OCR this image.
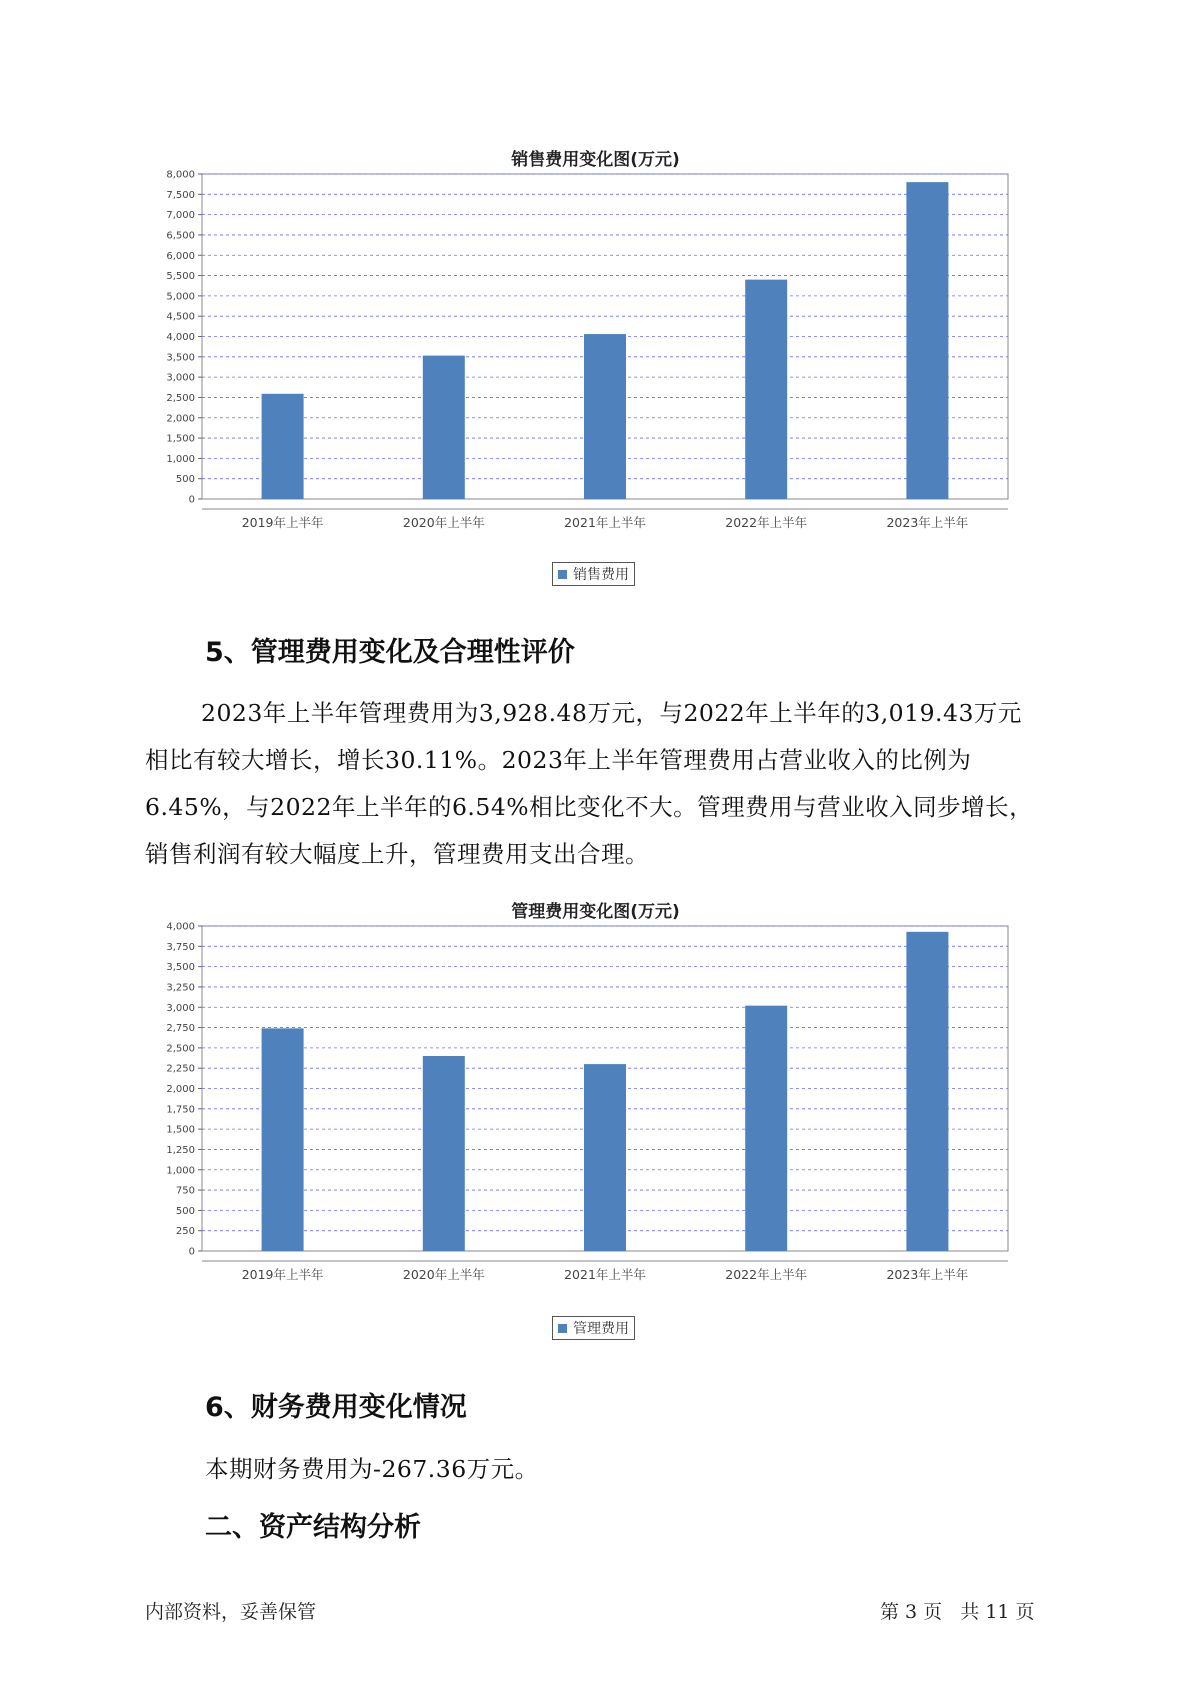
销售费用变化图(万元)
0
500
1,000
1,500
2,000
2,500
3,000
3,500
4,000
4,500
5,000
5,500
6,000
6,500
7,000
7,500
8,000
2019年上半年	2020年上半年	2021年上半年	2022年上半年	2023年上半年
销售费用
5、管理费用变化及合理性评价

2023年上半年管理费用为3,928.48万元，与2022年上半年的3,019.43万元相比有较大增长，增长30.11%。2023年上半年管理费用占营业收入的比例为6.45%，与2022年上半年的6.54%相比变化不大。管理费用与营业收入同步增长，销售利润有较大幅度上升，管理费用支出合理。

管理费用变化图(万元)
0
250
500
750
1,000
1,250
1,500
1,750
2,000
2,250
2,500
2,750
3,000
3,250
3,500
3,750
4,000
2019年上半年	2020年上半年	2021年上半年	2022年上半年	2023年上半年
管理费用
6、财务费用变化情况

本期财务费用为-267.36万元。

二、资产结构分析
内部资料，妥善保管	第 3 页   共 11 页
